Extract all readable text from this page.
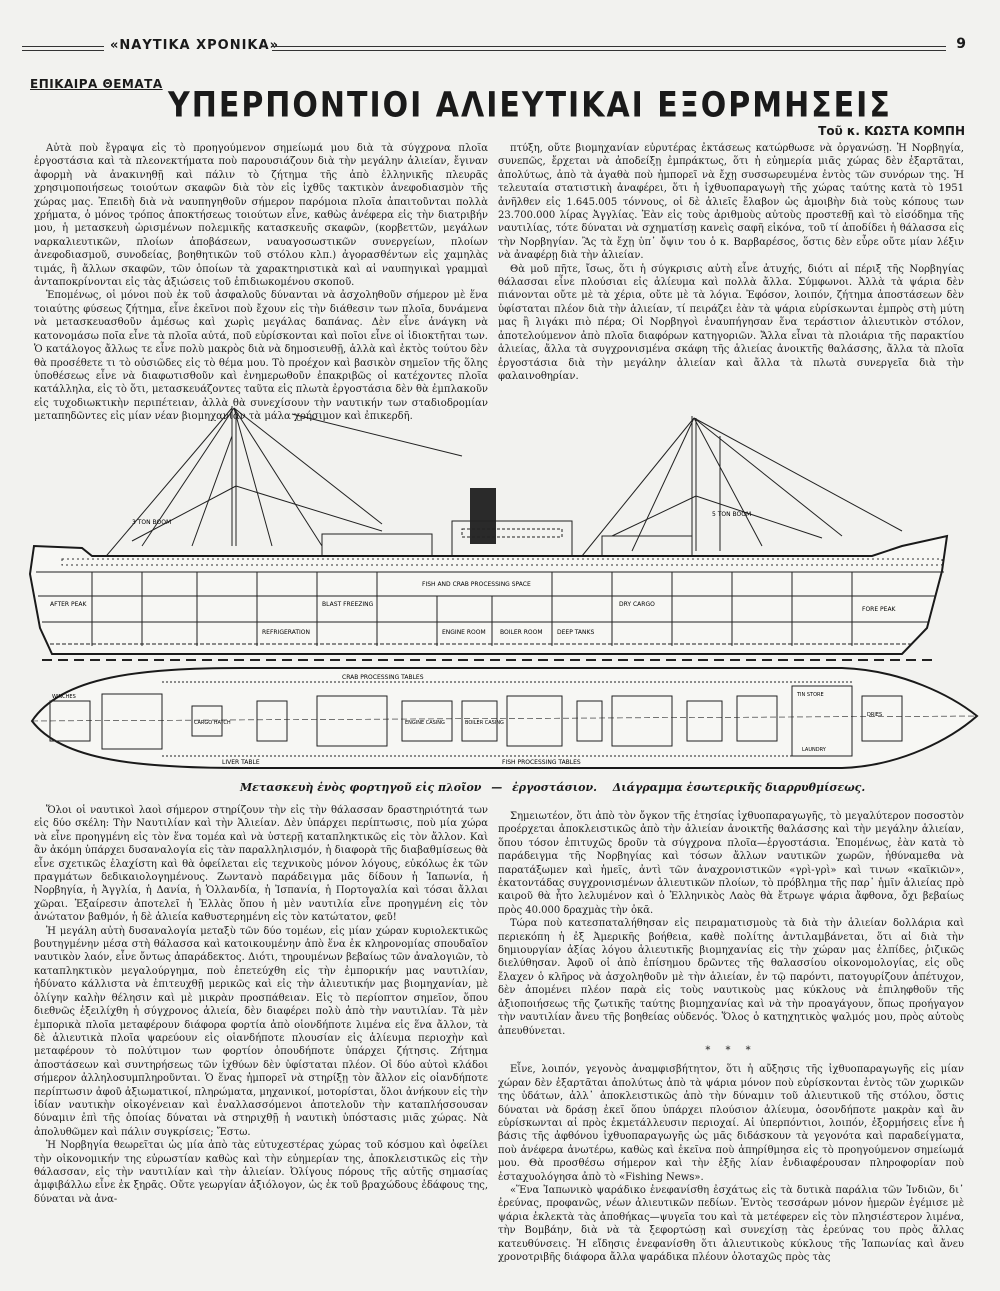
«ΝΑΥΤΙΚΑ ΧΡΟΝΙΚΑ»	9
ΕΠΙΚΑΙΡΑ ΘΕΜΑΤΑ
ΥΠΕΡΠΟΝΤΙΟΙ ΑΛΙΕΥΤΙΚΑΙ ΕΞΟΡΜΗΣΕΙΣ
Τοῦ κ. ΚΩΣΤΑ ΚΟΜΠΗ

Αὐτὰ ποὺ ἔγραψα εἰς τὸ προηγούμενον σημείωμά μου διὰ τὰ σύγχρονα πλοῖα ἐργοστάσια καὶ τὰ πλεονεκτήματα ποὺ παρουσιάζουν διὰ τὴν μεγάλην ἁλιείαν, ἔγιναν ἀφορμὴ νὰ ἀνακινηθῇ καὶ πάλιν τὸ ζήτημα τῆς ἀπὸ ἑλληνικῆς πλευρᾶς χρησιμοποιήσεως τοιούτων σκαφῶν διὰ τὸν εἰς ἰχθῦς τακτικὸν ἀνεφοδιασμὸν τῆς χώρας μας. Ἐπειδὴ διὰ νὰ ναυπηγηθοῦν σήμερον παρόμοια πλοῖα ἀπαιτοῦνται πολλὰ χρήματα, ὁ μόνος τρόπος ἀποκτήσεως τοιούτων εἶνε, καθὼς ἀνέφερα εἰς τὴν διατριβήν μου, ἡ μετασκευὴ ὡρισμένων πολεμικῆς κατασκευῆς σκαφῶν, (κορβεττῶν, μεγάλων ναρκαλιευτικῶν, πλοίων ἀποβάσεων, ναυαγοσωστικῶν συνεργείων, πλοίων ἀνεφοδιασμοῦ, συνοδείας, βοηθητικῶν τοῦ στόλου κλπ.) ἀγορασθέντων εἰς χαμηλὰς τιμάς, ἢ ἄλλων σκαφῶν, τῶν ὁποίων τὰ χαρακτηριστικὰ καὶ αἱ ναυπηγικαὶ γραμμαὶ ἀνταποκρίνονται εἰς τὰς ἀξιώσεις τοῦ ἐπιδιωκομένου σκοποῦ.

Ἑπομένως, οἱ μόνοι ποὺ ἐκ τοῦ ἀσφαλοῦς δύνανται νὰ ἀσχοληθοῦν σήμερον μὲ ἕνα τοιαύτης φύσεως ζήτημα, εἶνε ἐκεῖνοι ποὺ ἔχουν εἰς τὴν διάθεσιν των πλοῖα, δυνάμενα νὰ μετασκευασθοῦν ἀμέσως καὶ χωρὶς μεγάλας δαπάνας. Δὲν εἶνε ἀνάγκη νὰ κατονομάσω ποῖα εἶνε τὰ πλοῖα αὐτά, ποῦ εὑρίσκονται καὶ ποῖοι εἶνε οἱ ἰδιοκτῆται των. Ὁ κατάλογος ἄλλως τε εἶνε πολὺ μακρὸς διὰ νὰ δημοσιευθῇ, ἀλλὰ καὶ ἐκτὸς τούτου δὲν θὰ προσέθετε τι τὸ οὐσιῶδες εἰς τὸ θέμα μου. Τὸ προέχον καὶ βασικὸν σημεῖον τῆς ὅλης ὑποθέσεως εἶνε νὰ διαφωτισθοῦν καὶ ἐνημερωθοῦν ἐπακριβῶς οἱ κατέχοντες πλοῖα κατάλληλα, εἰς τὸ ὅτι, μετασκευάζοντες ταῦτα εἰς πλωτὰ ἐργοστάσια δὲν θὰ ἐμπλακοῦν εἰς τυχοδιωκτικὴν περιπέτειαν, ἀλλὰ θὰ συνεχίσουν τὴν ναυτικήν των σταδιοδρομίαν μεταπηδῶντες εἰς μίαν νέαν βιομηχανίαν τὰ μάλα χρήσιμον καὶ ἐπικερδῆ.

πτύξη, οὔτε βιομηχανίαν εὐρυτέρας ἐκτάσεως κατώρθωσε νὰ ὀργανώσῃ. Ἡ Νορβηγία, συνεπῶς, ἔρχεται νὰ ἀποδείξῃ ἐμπράκτως, ὅτι ἡ εὐημερία μιᾶς χώρας δὲν ἐξαρτᾶται, ἀπολύτως, ἀπὸ τὰ ἀγαθὰ ποὺ ἠμπορεῖ νὰ ἔχῃ συσσωρευμένα ἐντὸς τῶν συνόρων της. Ἡ τελευταία στατιστικὴ ἀναφέρει, ὅτι ἡ ἰχθυοπαραγωγὴ τῆς χώρας ταύτης κατὰ τὸ 1951 ἀνῆλθεν εἰς 1.645.005 τόννους, οἱ δὲ ἁλιεῖς ἔλαβον ὡς ἀμοιβὴν διὰ τοὺς κόπους των 23.700.000 λίρας Ἀγγλίας. Ἐὰν εἰς τοὺς ἀριθμοὺς αὐτοὺς προστεθῇ καὶ τὸ εἰσόδημα τῆς ναυτιλίας, τότε δύναται νὰ σχηματίσῃ κανεὶς σαφῆ εἰκόνα, τοῦ τί ἀποδίδει ἡ θάλασσα εἰς τὴν Νορβηγίαν. Ἂς τὰ ἔχῃ ὑπ᾽ ὄψιν του ὁ κ. Βαρβαρέσος, ὅστις δὲν εὗρε οὔτε μίαν λέξιν νὰ ἀναφέρῃ διὰ τὴν ἁλιείαν.

Θὰ μοῦ πῆτε, ἴσως, ὅτι ἡ σύγκρισις αὐτὴ εἶνε ἀτυχής, διότι αἱ πέριξ τῆς Νορβηγίας θάλασσαι εἶνε πλούσιαι εἰς ἁλίευμα καὶ πολλὰ ἄλλα. Σύμφωνοι. Ἀλλὰ τὰ ψάρια δὲν πιάνονται οὔτε μὲ τὰ χέρια, οὔτε μὲ τὰ λόγια. Ἐφόσον, λοιπόν, ζήτημα ἀποστάσεων δὲν ὑφίσταται πλέον διὰ τὴν ἁλιείαν, τί πειράζει ἐὰν τὰ ψάρια εὑρίσκωνται ἐμπρὸς στὴ μύτη μας ἢ λιγάκι πιὸ πέρα; Οἱ Νορβηγοὶ ἐναυπήγησαν ἕνα τεράστιον ἁλιευτικὸν στόλον, ἀποτελούμενον ἀπὸ πλοῖα διαφόρων κατηγοριῶν. Ἄλλα εἶναι τὰ πλοιάρια τῆς παρακτίου ἁλιείας, ἄλλα τὰ συγχρονισμένα σκάφη τῆς ἁλιείας ἀνοικτῆς θαλάσσης, ἄλλα τὰ πλοῖα ἐργοστάσια διὰ τὴν μεγάλην ἁλιείαν καὶ ἄλλα τὰ πλωτὰ συνεργεῖα διὰ τὴν φαλαινοθηρίαν.

FISH AND CRAB PROCESSING SPACE
AFTER PEAK
ENGINE ROOM BOILER ROOM DEEP TANKS
DRY CARGO
BLAST FREEZING
REFRIGERATION
FORE PEAK
3 TON BOOM
5 TON BOOM
CRAB PROCESSING TABLES
FISH PROCESSING TABLES
LIVER TABLE
CARGO HATCH	ENGINE CASING	BOILER CASING
WINCHES	TIN STORE
LAUNDRY
DRIES
Μετασκευὴ ἑνὸς φορτηγοῦ εἰς πλοῖον — ἐργοστάσιον. Διάγραμμα ἐσωτερικῆς διαρρυθμίσεως.

Ὅλοι οἱ ναυτικοὶ λαοὶ σήμερον στηρίζουν τὴν εἰς τὴν θάλασσαν δραστηριότητά των εἰς δύο σκέλη: Τὴν Ναυτιλίαν καὶ τὴν Ἁλιείαν. Δὲν ὑπάρχει περίπτωσις, ποὺ μία χώρα νὰ εἶνε προηγμένη εἰς τὸν ἕνα τομέα καὶ νὰ ὑστερῇ καταπληκτικῶς εἰς τὸν ἄλλον. Καὶ ἂν ἀκόμη ὑπάρχει δυσαναλογία εἰς τὰν παραλληλισμόν, ἡ διαφορὰ τῆς διαβαθμίσεως θὰ εἶνε σχετικῶς ἐλαχίστη καὶ θὰ ὀφείλεται εἰς τεχνικοὺς μόνον λόγους, εὐκόλως ἐκ τῶν πραγμάτων δεδικαιολογημένους. Ζωντανὸ παράδειγμα μᾶς δίδουν ἡ Ἰαπωνία, ἡ Νορβηγία, ἡ Ἀγγλία, ἡ Δανία, ἡ Ὁλλανδία, ἡ Ἰσπανία, ἡ Πορτογαλία καὶ τόσαι ἄλλαι χῶραι. Ἐξαίρεσιν ἀποτελεῖ ἡ Ἑλλὰς ὅπου ἡ μὲν ναυτιλία εἶνε προηγμένη εἰς τὸν ἀνώτατον βαθμόν, ἡ δὲ ἁλιεία καθυστερημένη εἰς τὸν κατώτατον, φεῦ!

Ἡ μεγάλη αὐτὴ δυσαναλογία μεταξὺ τῶν δύο τομέων, εἰς μίαν χώραν κυριολεκτικῶς βουτηγμένην μέσα στὴ θάλασσα καὶ κατοικουμένην ἀπὸ ἕνα ἐκ κληρονομίας σπουδαῖον ναυτικὸν λαόν, εἶνε ὄντως ἀπαράδεκτος. Διότι, τηρουμένων βεβαίως τῶν ἀναλογιῶν, τὸ καταπληκτικὸν μεγαλούργημα, ποὺ ἐπετεύχθη εἰς τὴν ἐμπορικήν μας ναυτιλίαν, ἠδύνατο κάλλιστα νὰ ἐπιτευχθῇ μερικῶς καὶ εἰς τὴν ἁλιευτικήν μας βιομηχανίαν, μὲ ὀλίγην καλὴν θέλησιν καὶ μὲ μικρὰν προσπάθειαν. Εἰς τὸ περίοπτον σημεῖον, ὅπου διεθνῶς ἐξειλίχθη ἡ σύγχρονος ἁλιεία, δὲν διαφέρει πολὺ ἀπὸ τὴν ναυτιλίαν. Τὰ μὲν ἐμπορικὰ πλοῖα μεταφέρουν διάφορα φορτία ἀπὸ οἱονδήποτε λιμένα εἰς ἕνα ἄλλον, τὰ δὲ ἁλιευτικὰ πλοῖα ψαρεύουν εἰς οἱανδήποτε πλουσίαν εἰς ἁλίευμα περιοχὴν καὶ μεταφέρουν τὸ πολύτιμον των φορτίον ὁπουδήποτε ὑπάρχει ζήτησις. Ζήτημα ἀποστάσεων καὶ συντηρήσεως τῶν ἰχθύων δὲν ὑφίσταται πλέον. Οἱ δύο αὐτοὶ κλάδοι σήμερον ἀλληλοσυμπληροῦνται. Ὁ ἕνας ἠμπορεῖ νὰ στηρίξῃ τὸν ἄλλον εἰς οἱανδήποτε περίπτωσιν ἀφοῦ ἀξιωματικοί, πληρώματα, μηχανικοί, μοτορίσται, ὅλοι ἀνήκουν εἰς τὴν ἰδίαν ναυτικὴν οἰκογένειαν καὶ ἐναλλασσόμενοι ἀποτελοῦν τὴν καταπλήσσουσαν δύναμιν ἐπὶ τῆς ὁποίας δύναται νὰ στηριχθῇ ἡ ναυτικὴ ὑπόστασις μιᾶς χώρας. Νὰ ἀπολυθῶμεν καὶ πάλιν συγκρίσεις; Ἔστω.

Ἡ Νορβηγία θεωρεῖται ὡς μία ἀπὸ τὰς εὐτυχεστέρας χώρας τοῦ κόσμου καὶ ὀφείλει τὴν οἰκονομικήν της εὐρωστίαν καθὼς καὶ τὴν εὐημερίαν της, ἀποκλειστικῶς εἰς τὴν θάλασσαν, εἰς τὴν ναυτιλίαν καὶ τὴν ἁλιείαν. Ὀλίγους πόρους τῆς αὐτῆς σημασίας ἀμφιβάλλω εἶνε ἐκ ξηρᾶς. Οὔτε γεωργίαν ἀξιόλογον, ὡς ἐκ τοῦ βραχώδους ἐδάφους της, δύναται νὰ ἀνα-

Σημειωτέον, ὅτι ἀπὸ τὸν ὄγκον τῆς ἐτησίας ἰχθυοπαραγωγῆς, τὸ μεγαλύτερον ποσοστὸν προέρχεται ἀποκλειστικῶς ἀπὸ τὴν ἁλιείαν ἀνοικτῆς θαλάσσης καὶ τὴν μεγάλην ἁλιείαν, ὅπου τόσον ἐπιτυχῶς δροῦν τὰ σύγχρονα πλοῖα—ἐργοστάσια. Ἑπομένως, ἐὰν κατὰ τὸ παράδειγμα τῆς Νορβηγίας καὶ τόσων ἄλλων ναυτικῶν χωρῶν, ἠθύναμεθα νὰ παρατάξωμεν καὶ ἡμεῖς, ἀντὶ τῶν ἀναχρονιστικῶν «γρὶ-γρὶ» καὶ τινων «καϊκιῶν», ἑκατοντάδας συγχρονισμένων ἁλιευτικῶν πλοίων, τὸ πρόβλημα τῆς παρ᾽ ἡμῖν ἁλιείας πρὸ καιροῦ θὰ ἦτο λελυμένον καὶ ὁ Ἑλληνικὸς Λαὸς θὰ ἔτρωγε ψάρια ἄφθονα, ὄχι βεβαίως πρὸς 40.000 δραχμὰς τὴν ὀκᾶ.

Τώρα ποὺ κατεσπαταλήθησαν εἰς πειραματισμοὺς τὰ διὰ τὴν ἁλιείαν δολλάρια καὶ περιεκόπη ἡ ἐξ Ἀμερικῆς βοήθεια, καθὲ πολίτης ἀντιλαμβάνεται, ὅτι αἱ διὰ τὴν δημιουργίαν ἀξίας λόγου ἁλιευτικῆς βιομηχανίας εἰς τὴν χώραν μας ἐλπίδες, ῥιζικῶς διελύθησαν. Ἀφοῦ οἱ ἀπὸ ἐπίσημου δρῶντες τῆς θαλασσίου οἰκονομολογίας, εἰς οὓς ἔλαχεν ὁ κλῆρος νὰ ἀσχοληθοῦν μὲ τὴν ἁλιείαν, ἐν τῷ παρόντι, πατογυρίζουν ἀπέτυχον, δὲν ἀπομένει πλέον παρὰ εἰς τοὺς ναυτικοὺς μας κύκλους νὰ ἐπιληφθοῦν τῆς ἀξιοποιήσεως τῆς ζωτικῆς ταύτης βιομηχανίας καὶ νὰ τὴν προαγάγουν, ὅπως προήγαγον τὴν ναυτιλίαν ἄνευ τῆς βοηθείας οὐδενός. Ὅλος ὁ κατηχητικὸς ψαλμός μου, πρὸς αὐτοὺς ἀπευθύνεται.

* * *

Εἶνε, λοιπόν, γεγονὸς ἀναμφισβήτητον, ὅτι ἡ αὔξησις τῆς ἰχθυοπαραγωγῆς εἰς μίαν χώραν δὲν ἐξαρτᾶται ἀπολύτως ἀπὸ τὰ ψάρια μόνον ποὺ εὑρίσκονται ἐντὸς τῶν χωρικῶν της ὑδάτων, ἀλλ᾽ ἀποκλειστικῶς ἀπὸ τὴν δύναμιν τοῦ ἁλιευτικοῦ τῆς στόλου, ὅστις δύναται νὰ δράσῃ ἐκεῖ ὅπου ὑπάρχει πλούσιον ἁλίευμα, ὁσονδήποτε μακρὰν καὶ ἂν εὑρίσκωνται αἱ πρὸς ἐκμετάλλευσιν περιοχαί. Αἱ ὑπερπόντιοι, λοιπόν, ἐξορμήσεις εἶνε ἡ βάσις τῆς ἀφθόνου ἰχθυοπαραγωγῆς ὡς μᾶς διδάσκουν τὰ γεγονότα καὶ παραδείγματα, ποὺ ἀνέφερα ἀνωτέρω, καθὼς καὶ ἐκεῖνα ποὺ ἀπηρίθμησα εἰς τὸ προηγούμενον σημείωμά μου. Θὰ προσθέσω σήμερον καὶ τὴν ἐξῆς λίαν ἐνδιαφέρουσαν πληροφορίαν ποὺ ἐσταχυολόγησα ἀπὸ τὸ «Fishing News».

«Ἕνα Ἰαπωνικὸ ψαράδικο ἐνεφανίσθη ἐσχάτως εἰς τὰ δυτικὰ παράλια τῶν Ἰνδιῶν, δι᾽ ἐρεύνας, προφανῶς, νέων ἁλιευτικῶν πεδίων. Ἐντὸς τεσσάρων μόνον ἡμερῶν ἐγέμισε μὲ ψάρια ἐκλεκτὰ τὰς ἀποθήκας—ψυγεῖα του καὶ τὰ μετέφερεν εἰς τὸν πλησιέστερον λιμένα, τὴν Βομβάην, διὰ νὰ τὰ ξεφορτώσῃ καὶ συνεχίσῃ τὰς ἐρεύνας του πρὸς ἄλλας κατευθύνσεις. Ἡ εἴδησις ἐνεφανίσθη ὅτι ἀλιευτικοὺς κύκλους τῆς Ἰαπωνίας καὶ ἄνευ χρονοτριβῆς διάφορα ἄλλα ψαράδικα πλέουν ὁλοταχῶς πρὸς τὰς
